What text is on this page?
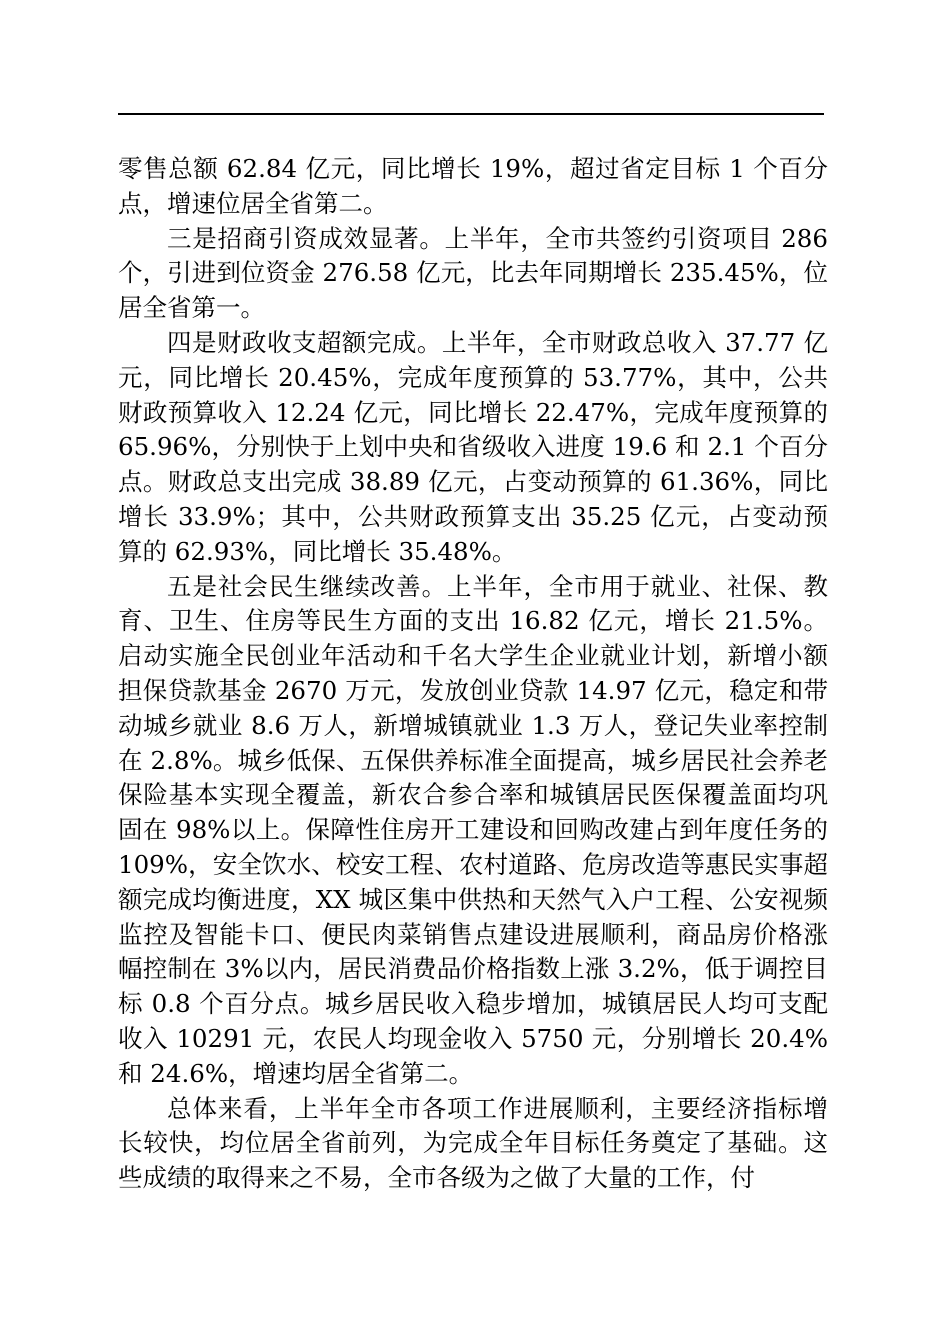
零售总额 62.84 亿元，同比增长 19%，超过省定目标 1 个百分点，增速位居全省第二。

三是招商引资成效显著。上半年，全市共签约引资项目 286 个，引进到位资金 276.58 亿元，比去年同期增长 235.45%，位居全省第一。

四是财政收支超额完成。上半年，全市财政总收入 37.77 亿元，同比增长 20.45%，完成年度预算的 53.77%，其中，公共财政预算收入 12.24 亿元，同比增长 22.47%，完成年度预算的 65.96%，分别快于上划中央和省级收入进度 19.6 和 2.1 个百分点。财政总支出完成 38.89 亿元，占变动预算的 61.36%，同比增长 33.9%；其中，公共财政预算支出 35.25 亿元，占变动预算的 62.93%，同比增长 35.48%。

五是社会民生继续改善。上半年，全市用于就业、社保、教育、卫生、住房等民生方面的支出 16.82 亿元，增长 21.5%。启动实施全民创业年活动和千名大学生企业就业计划，新增小额担保贷款基金 2670 万元，发放创业贷款 14.97 亿元，稳定和带动城乡就业 8.6 万人，新增城镇就业 1.3 万人，登记失业率控制在 2.8%。城乡低保、五保供养标准全面提高，城乡居民社会养老保险基本实现全覆盖，新农合参合率和城镇居民医保覆盖面均巩固在 98%以上。保障性住房开工建设和回购改建占到年度任务的 109%，安全饮水、校安工程、农村道路、危房改造等惠民实事超额完成均衡进度，XX 城区集中供热和天然气入户工程、公安视频监控及智能卡口、便民肉菜销售点建设进展顺利，商品房价格涨幅控制在 3%以内，居民消费品价格指数上涨 3.2%，低于调控目标 0.8 个百分点。城乡居民收入稳步增加，城镇居民人均可支配收入 10291 元，农民人均现金收入 5750 元，分别增长 20.4%和 24.6%，增速均居全省第二。

总体来看，上半年全市各项工作进展顺利，主要经济指标增长较快，均位居全省前列，为完成全年目标任务奠定了基础。这些成绩的取得来之不易，全市各级为之做了大量的工作，付
